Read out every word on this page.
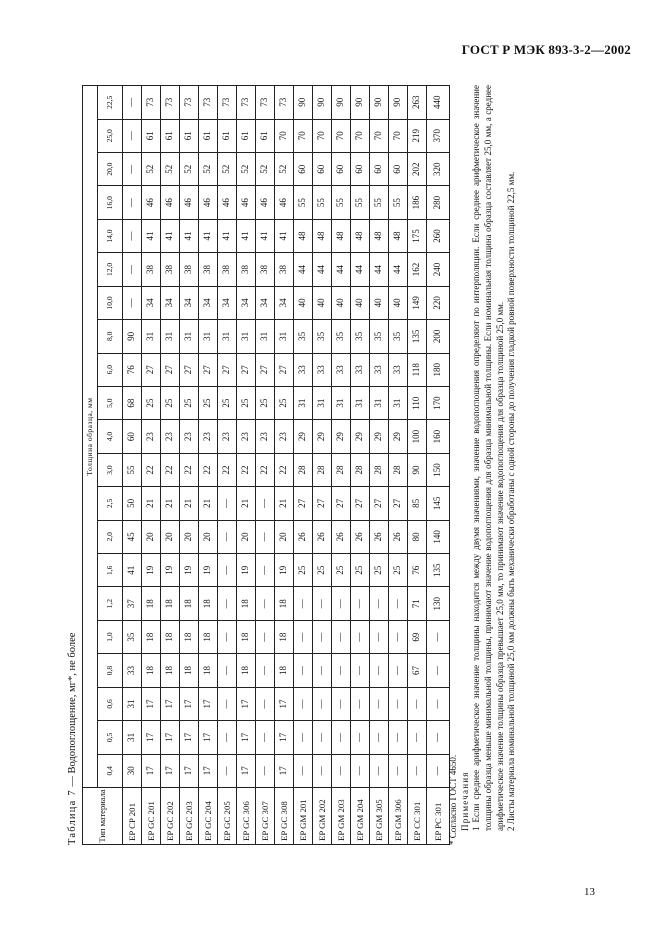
ГОСТ Р МЭК 893-3-2—2002
Таблица 7 — Водопоглощение, мг*, не более
Тип материала	Толщина образца, мм																				
	0,4	0,5	0,6	0,8	1,0	1,2	1,6	2,0	2,5	3,0	4,0	5,0	6,0	8,0	10,0	12,0	14,0	16,0	20,0	25,0	22,5
EP CP 201	30	31	31	33	35	37	41	45	50	55	60	68	76	90	—	—	—	—	—	—	—
EP GC 201	17	17	17	18	18	18	19	20	21	22	23	25	27	31	34	38	41	46	52	61	73
EP GC 202	17	17	17	18	18	18	19	20	21	22	23	25	27	31	34	38	41	46	52	61	73
EP GC 203	17	17	17	18	18	18	19	20	21	22	23	25	27	31	34	38	41	46	52	61	73
EP GC 204	17	17	17	18	18	18	19	20	21	22	23	25	27	31	34	38	41	46	52	61	73
EP GC 205	—	—	—	—	—	—	—	—	—	22	23	25	27	31	34	38	41	46	52	61	73
EP GC 306	17	17	17	18	18	18	19	20	21	22	23	25	27	31	34	38	41	46	52	61	73
EP GC 307	—	—	—	—	—	—	—	—	—	22	23	25	27	31	34	38	41	46	52	61	73
EP GC 308	17	17	17	18	18	18	19	20	21	22	23	25	27	31	34	38	41	46	52	70	73
EP GM 201	—	—	—	—	—	—	25	26	27	28	29	31	33	35	40	44	48	55	60	70	90
EP GM 202	—	—	—	—	—	—	25	26	27	28	29	31	33	35	40	44	48	55	60	70	90
EP GM 203	—	—	—	—	—	—	25	26	27	28	29	31	33	35	40	44	48	55	60	70	90
EP GM 204	—	—	—	—	—	—	25	26	27	28	29	31	33	35	40	44	48	55	60	70	90
EP GM 305	—	—	—	—	—	—	25	26	27	28	29	31	33	35	40	44	48	55	60	70	90
EP GM 306	—	—	—	—	—	—	25	26	27	28	29	31	33	35	40	44	48	55	60	70	90
EP CC 301	—	—	—	67	69	71	76	80	85	90	100	110	118	135	149	162	175	186	202	219	263
EP PC 301	—	—	—	—	—	130	135	140	145	150	160	170	180	200	220	240	260	280	320	370	440

* Согласно ГОСТ 4650. Примечания 1 Если среднее арифметическое значение толщины находится между двумя значениями, значение водопоглощения определяют по интерполяции. Если среднее арифметическое значение толщины образца меньше минимальной толщины, принимают значение водопоглощения для образца минимальной толщины. Если номинальная толщина образца составляет 25,0 мм, а среднее арифметическое значение толщины образца превышает 25,0 мм, то принимают значение водопоглощения для образца толщиной 25,0 мм. 2 Листы материала номинальной толщиной 25,0 мм должны быть механически обработаны с одной стороны до получения гладкой ровной поверхности толщиной 22,5 мм.

13
